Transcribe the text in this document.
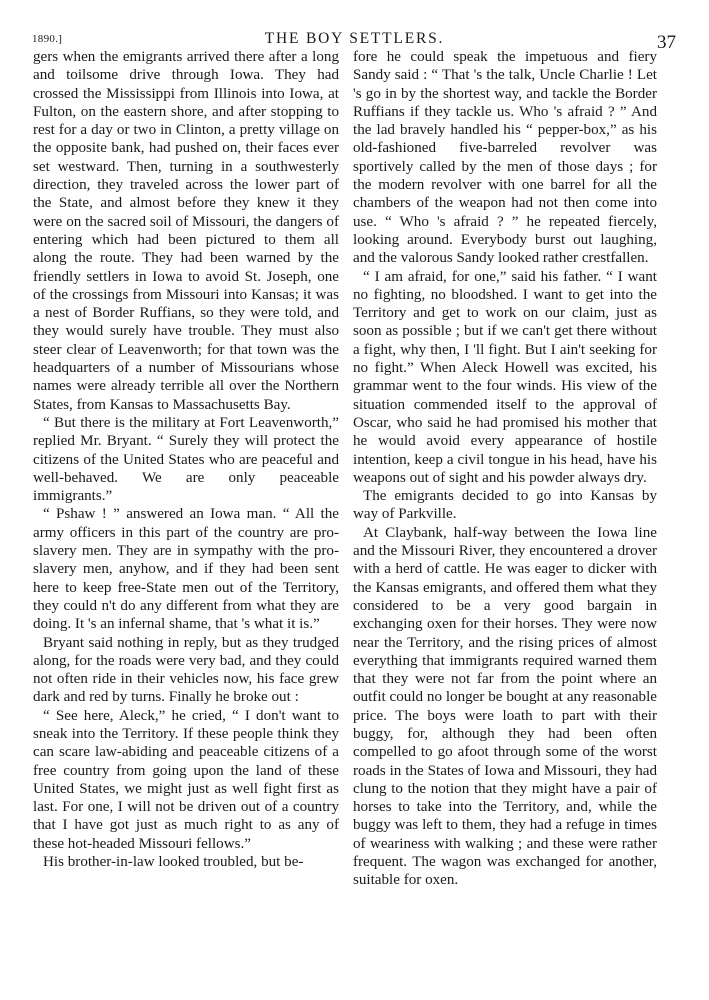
1890.]	THE BOY SETTLERS.	37

gers when the emigrants arrived there after a long and toilsome drive through Iowa. They had crossed the Mississippi from Illinois into Iowa, at Fulton, on the eastern shore, and after stopping to rest for a day or two in Clinton, a pretty village on the opposite bank, had pushed on, their faces ever set westward. Then, turning in a southwesterly direction, they traveled across the lower part of the State, and almost before they knew it they were on the sacred soil of Missouri, the dangers of entering which had been pictured to them all along the route. They had been warned by the friendly settlers in Iowa to avoid St. Joseph, one of the crossings from Missouri into Kansas; it was a nest of Border Ruffians, so they were told, and they would surely have trouble. They must also steer clear of Leavenworth; for that town was the headquarters of a number of Missourians whose names were already terrible all over the Northern States, from Kansas to Massachusetts Bay.

“ But there is the military at Fort Leavenworth,” replied Mr. Bryant. “ Surely they will protect the citizens of the United States who are peaceful and well-behaved. We are only peaceable immigrants.”

“ Pshaw ! ” answered an Iowa man. “ All the army officers in this part of the country are pro-slavery men. They are in sympathy with the pro-slavery men, anyhow, and if they had been sent here to keep free-State men out of the Territory, they could n't do any different from what they are doing. It 's an infernal shame, that 's what it is.”

Bryant said nothing in reply, but as they trudged along, for the roads were very bad, and they could not often ride in their vehicles now, his face grew dark and red by turns. Finally he broke out :

“ See here, Aleck,” he cried, “ I don't want to sneak into the Territory. If these people think they can scare law-abiding and peaceable citizens of a free country from going upon the land of these United States, we might just as well fight first as last. For one, I will not be driven out of a country that I have got just as much right to as any of these hot-headed Missouri fellows.”

His brother-in-law looked troubled, but be-

fore he could speak the impetuous and fiery Sandy said : “ That 's the talk, Uncle Charlie ! Let 's go in by the shortest way, and tackle the Border Ruffians if they tackle us. Who 's afraid ? ” And the lad bravely handled his “ pepper-box,” as his old-fashioned five-barreled revolver was sportively called by the men of those days ; for the modern revolver with one barrel for all the chambers of the weapon had not then come into use. “ Who 's afraid ? ” he repeated fiercely, looking around. Everybody burst out laughing, and the valorous Sandy looked rather crestfallen.

“ I am afraid, for one,” said his father. “ I want no fighting, no bloodshed. I want to get into the Territory and get to work on our claim, just as soon as possible ; but if we can't get there without a fight, why then, I 'll fight. But I ain't seeking for no fight.” When Aleck Howell was excited, his grammar went to the four winds. His view of the situation commended itself to the approval of Oscar, who said he had promised his mother that he would avoid every appearance of hostile intention, keep a civil tongue in his head, have his weapons out of sight and his powder always dry.

The emigrants decided to go into Kansas by way of Parkville.

At Claybank, half-way between the Iowa line and the Missouri River, they encountered a drover with a herd of cattle. He was eager to dicker with the Kansas emigrants, and offered them what they considered to be a very good bargain in exchanging oxen for their horses. They were now near the Territory, and the rising prices of almost everything that immigrants required warned them that they were not far from the point where an outfit could no longer be bought at any reasonable price. The boys were loath to part with their buggy, for, although they had been often compelled to go afoot through some of the worst roads in the States of Iowa and Missouri, they had clung to the notion that they might have a pair of horses to take into the Territory, and, while the buggy was left to them, they had a refuge in times of weariness with walking ; and these were rather frequent. The wagon was exchanged for another, suitable for oxen.
